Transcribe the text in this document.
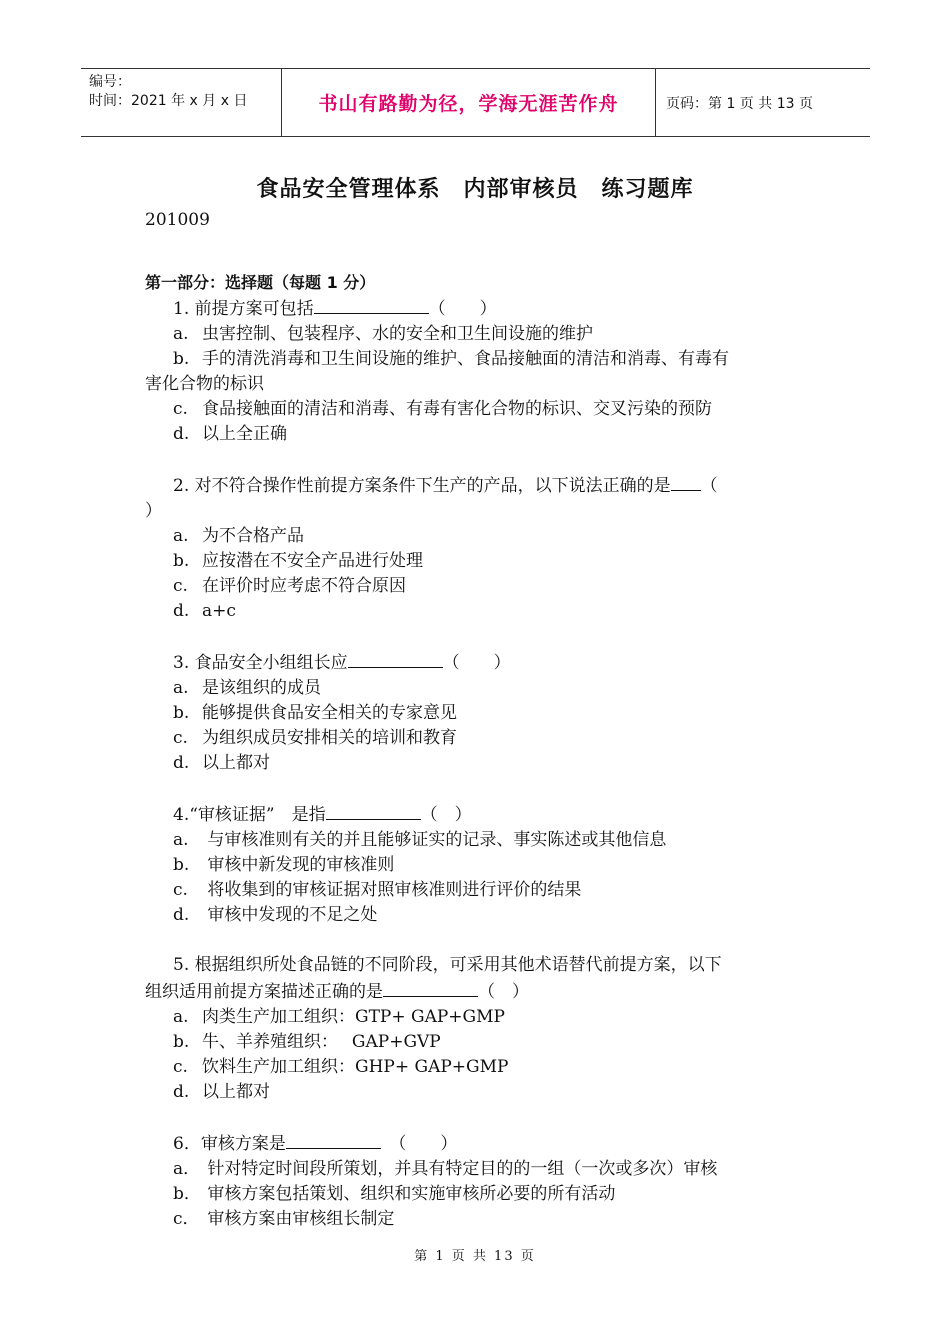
编号：
时间：2021 年 x 月 x 日	书山有路勤为径，学海无涯苦作舟	页码：第 1 页 共 13 页
食品安全管理体系　内部审核员　练习题库
201009
第一部分：选择题（每题 1 分）
1. 前提方案可包括	（　　）
a. 虫害控制、包装程序、水的安全和卫生间设施的维护
b. 手的清洗消毒和卫生间设施的维护、食品接触面的清洁和消毒、有毒有
害化合物的标识
c. 食品接触面的清洁和消毒、有毒有害化合物的标识、交叉污染的预防
d. 以上全正确
2. 对不符合操作性前提方案条件下生产的产品，以下说法正确的是 （
）
a. 为不合格产品
b. 应按潜在不安全产品进行处理
c. 在评价时应考虑不符合原因
d. a+c
3. 食品安全小组组长应	（　　）
a. 是该组织的成员
b. 能够提供食品安全相关的专家意见
c. 为组织成员安排相关的培训和教育
d. 以上都对
4.“审核证据”　是指	（　）
a. 与审核准则有关的并且能够证实的记录、事实陈述或其他信息
b. 审核中新发现的审核准则
c. 将收集到的审核证据对照审核准则进行评价的结果
d. 审核中发现的不足之处
5. 根据组织所处食品链的不同阶段，可采用其他术语替代前提方案，以下
组织适用前提方案描述正确的是	（　）
a. 肉类生产加工组织：GTP+ GAP+GMP
b. 牛、羊养殖组织：　 GAP+GVP
c. 饮料生产加工组织：GHP+ GAP+GMP
d. 以上都对
6．审核方案是	　（　　）
a． 针对特定时间段所策划，并具有特定目的的一组（一次或多次）审核
b． 审核方案包括策划、组织和实施审核所必要的所有活动
c． 审核方案由审核组长制定
第 1 页 共 13 页
